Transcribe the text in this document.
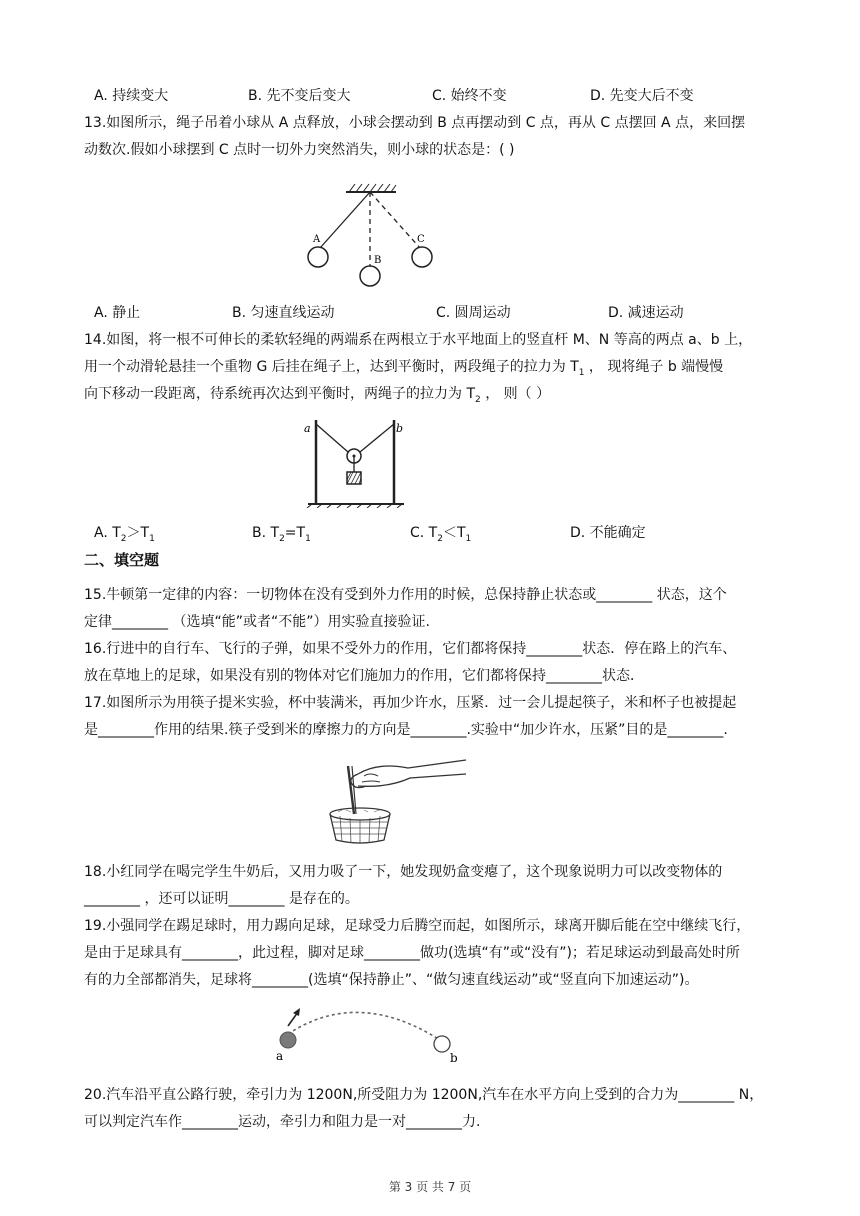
A. 持续变大	B. 先不变后变大	C. 始终不变	D. 先变大后不变
13.如图所示，绳子吊着小球从 A 点释放，小球会摆动到 B 点再摆动到 C 点，再从 C 点摆回 A 点，来回摆
动数次.假如小球摆到 C 点时一切外力突然消失，则小球的状态是：( )
A
B
C
A. 静止	B. 匀速直线运动	C. 圆周运动	D. 减速运动
14.如图，将一根不可伸长的柔软轻绳的两端系在两根立于水平地面上的竖直杆 M、N 等高的两点 a、b 上，
用一个动滑轮悬挂一个重物 G 后挂在绳子上，达到平衡时，两段绳子的拉力为 $T_1$ ， 现将绳子 b 端慢慢
向下移动一段距离，待系统再次达到平衡时，两绳子的拉力为 $T_2$ ， 则（ ）
a	b
A. $T_2>T_1$	B. $T_2=T_1$	C. $T_2<T_1$	D. 不能确定
二、填空题
15.牛顿第一定律的内容：一切物体在没有受到外力作用的时候，总保持静止状态或________ 状态，这个
定律________ （选填“能”或者“不能”）用实验直接验证.
16.行进中的自行车、飞行的子弹，如果不受外力的作用，它们都将保持________状态．停在路上的汽车、
放在草地上的足球，如果没有别的物体对它们施加力的作用，它们都将保持________状态．
17.如图所示为用筷子提米实验，杯中装满米，再加少许水，压紧．过一会儿提起筷子，米和杯子也被提起
是________作用的结果.筷子受到米的摩擦力的方向是________.实验中“加少许水，压紧”目的是________.
18.小红同学在喝完学生牛奶后，又用力吸了一下，她发现奶盒变瘪了，这个现象说明力可以改变物体的
________ ，还可以证明________ 是存在的。
19.小强同学在踢足球时，用力踢向足球，足球受力后腾空而起，如图所示，球离开脚后能在空中继续飞行，
是由于足球具有________，此过程，脚对足球________做功(选填“有”或“没有”)；若足球运动到最高处时所
有的力全部都消失，足球将________(选填“保持静止”、“做匀速直线运动”或“竖直向下加速运动”)。
a	b
20.汽车沿平直公路行驶，牵引力为 1200N,所受阻力为 1200N,汽车在水平方向上受到的合力为________ N，
可以判定汽车作________运动，牵引力和阻力是一对________力.
第 3 页 共 7 页
